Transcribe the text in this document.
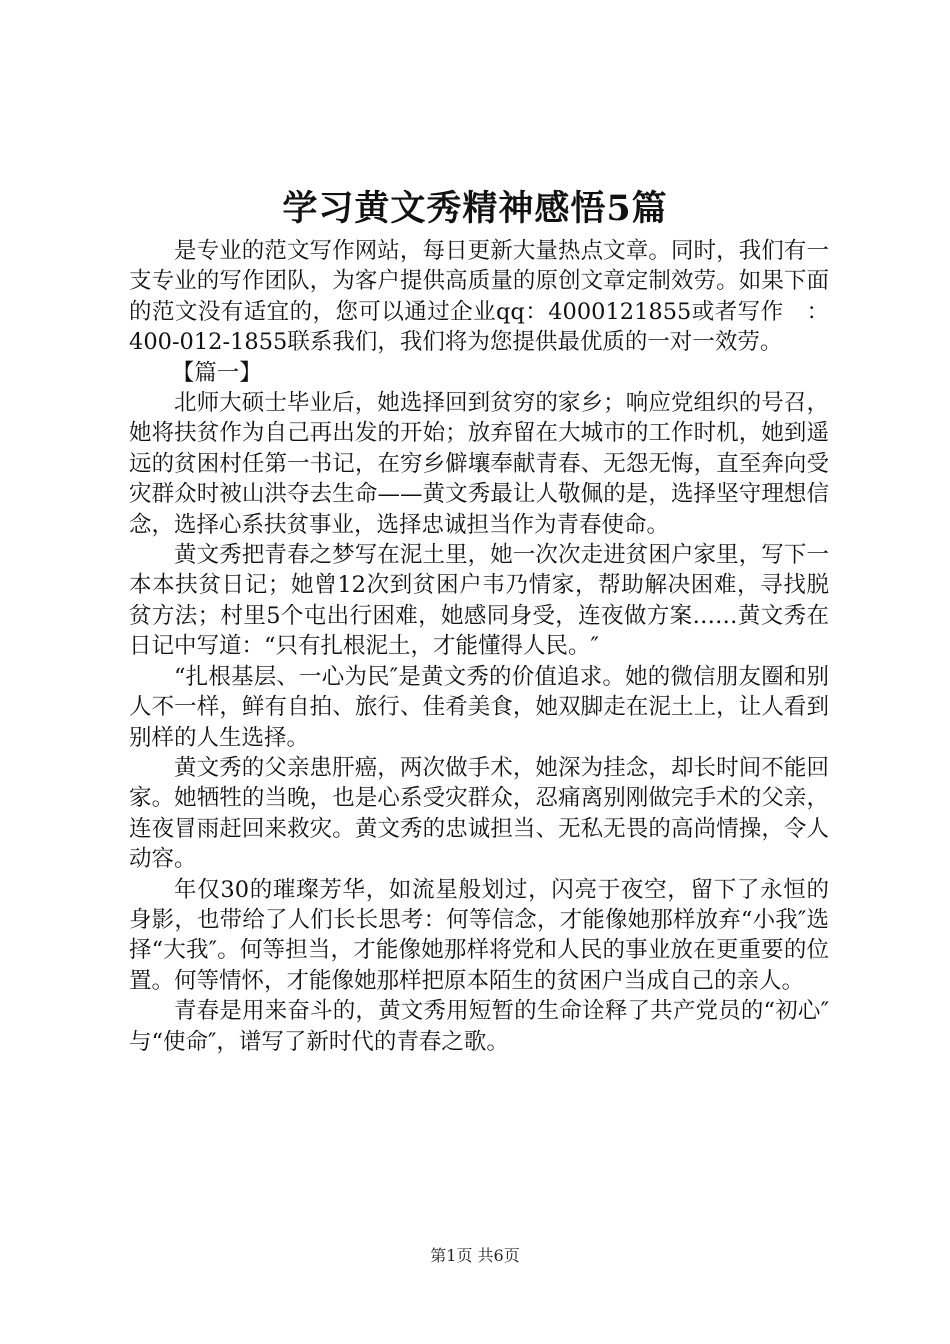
学习黄文秀精神感悟5篇

是专业的范文写作网站，每日更新大量热点文章。同时，我们有一支专业的写作团队，为客户提供高质量的原创文章定制效劳。如果下面的范文没有适宜的，您可以通过企业qq：4000121855或者写作　：400-012-1855联系我们，我们将为您提供最优质的一对一效劳。

【篇一】

北师大硕士毕业后，她选择回到贫穷的家乡；响应党组织的号召，她将扶贫作为自己再出发的开始；放弃留在大城市的工作时机，她到遥远的贫困村任第一书记，在穷乡僻壤奉献青春、无怨无悔，直至奔向受灾群众时被山洪夺去生命——黄文秀最让人敬佩的是，选择坚守理想信念，选择心系扶贫事业，选择忠诚担当作为青春使命。

黄文秀把青春之梦写在泥土里，她一次次走进贫困户家里，写下一本本扶贫日记；她曾12次到贫困户韦乃情家，帮助解决困难，寻找脱贫方法；村里5个屯出行困难，她感同身受，连夜做方案……黄文秀在日记中写道：“只有扎根泥土，才能懂得人民。″

“扎根基层、一心为民″是黄文秀的价值追求。她的微信朋友圈和别人不一样，鲜有自拍、旅行、佳肴美食，她双脚走在泥土上，让人看到别样的人生选择。

黄文秀的父亲患肝癌，两次做手术，她深为挂念，却长时间不能回家。她牺牲的当晚，也是心系受灾群众，忍痛离别刚做完手术的父亲，连夜冒雨赶回来救灾。黄文秀的忠诚担当、无私无畏的高尚情操，令人动容。

年仅30的璀璨芳华，如流星般划过，闪亮于夜空，留下了永恒的身影，也带给了人们长长思考：何等信念，才能像她那样放弃“小我″选择“大我″。何等担当，才能像她那样将党和人民的事业放在更重要的位置。何等情怀，才能像她那样把原本陌生的贫困户当成自己的亲人。

青春是用来奋斗的，黄文秀用短暂的生命诠释了共产党员的“初心″与“使命″，谱写了新时代的青春之歌。

第1页 共6页
